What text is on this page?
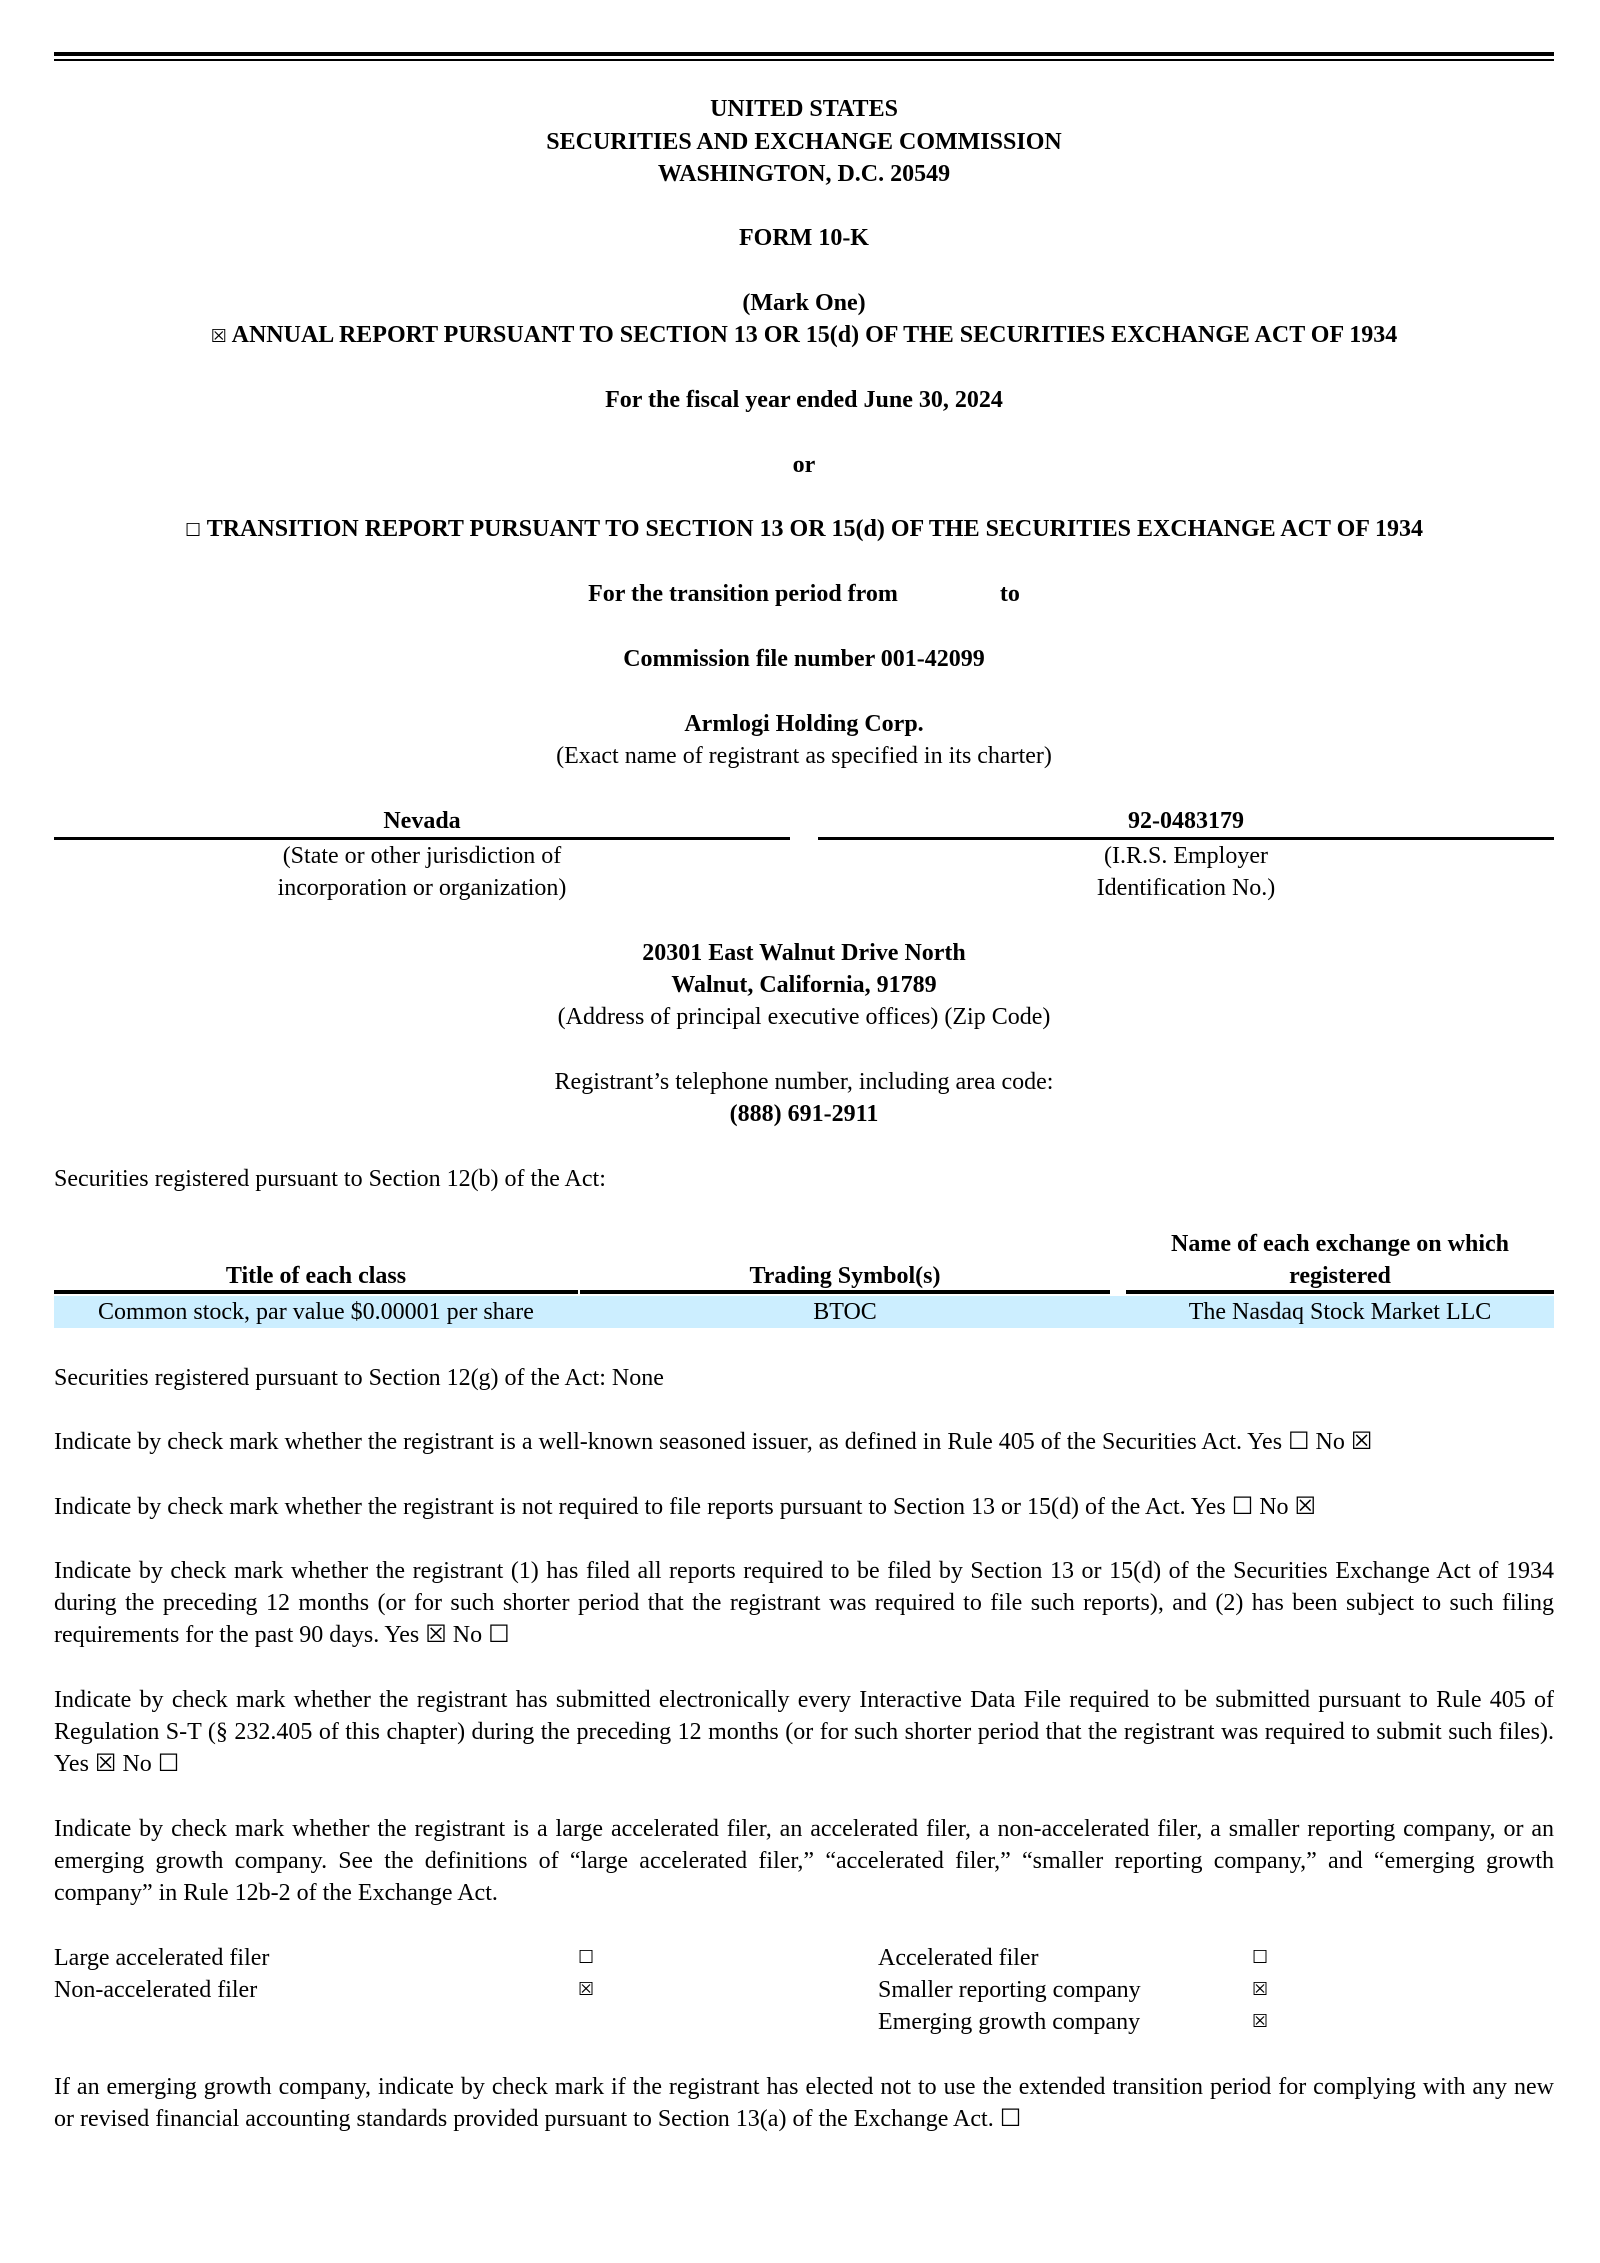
UNITED STATES
SECURITIES AND EXCHANGE COMMISSION
WASHINGTON, D.C. 20549
FORM 10-K
(Mark One)
☒ ANNUAL REPORT PURSUANT TO SECTION 13 OR 15(d) OF THE SECURITIES EXCHANGE ACT OF 1934
For the fiscal year ended June 30, 2024
or
☐ TRANSITION REPORT PURSUANT TO SECTION 13 OR 15(d) OF THE SECURITIES EXCHANGE ACT OF 1934
For the transition period from	to
Commission file number 001-42099
Armlogi Holding Corp.
(Exact name of registrant as specified in its charter)
Nevada
(State or other jurisdiction of
incorporation or organization)
92-0483179
(I.R.S. Employer
Identification No.)
20301 East Walnut Drive North
Walnut, California, 91789
(Address of principal executive offices) (Zip Code)
Registrant’s telephone number, including area code:
(888) 691-2911
Securities registered pursuant to Section 12(b) of the Act:
Title of each class	Trading Symbol(s)
Name of each exchange on which
registered
Common stock, par value $0.00001 per share	BTOC	The Nasdaq Stock Market LLC
Securities registered pursuant to Section 12(g) of the Act: None
Indicate by check mark whether the registrant is a well-known seasoned issuer, as defined in Rule 405 of the Securities Act. Yes ☐ No ☒
Indicate by check mark whether the registrant is not required to file reports pursuant to Section 13 or 15(d) of the Act. Yes ☐ No ☒
Indicate by check mark whether the registrant (1) has filed all reports required to be filed by Section 13 or 15(d) of the Securities Exchange Act of 1934 during the preceding 12 months (or for such shorter period that the registrant was required to file such reports), and (2) has been subject to such filing requirements for the past 90 days. Yes ☒ No ☐
Indicate by check mark whether the registrant has submitted electronically every Interactive Data File required to be submitted pursuant to Rule 405 of Regulation S-T (§ 232.405 of this chapter) during the preceding 12 months (or for such shorter period that the registrant was required to submit such files). Yes ☒ No ☐
Indicate by check mark whether the registrant is a large accelerated filer, an accelerated filer, a non-accelerated filer, a smaller reporting company, or an emerging growth company. See the definitions of “large accelerated filer,” “accelerated filer,” “smaller reporting company,” and “emerging growth company” in Rule 12b-2 of the Exchange Act.
Large accelerated filer	☐
Non-accelerated filer	☒
Accelerated filer	☐
Smaller reporting company	☒
Emerging growth company	☒
If an emerging growth company, indicate by check mark if the registrant has elected not to use the extended transition period for complying with any new or revised financial accounting standards provided pursuant to Section 13(a) of the Exchange Act. ☐
